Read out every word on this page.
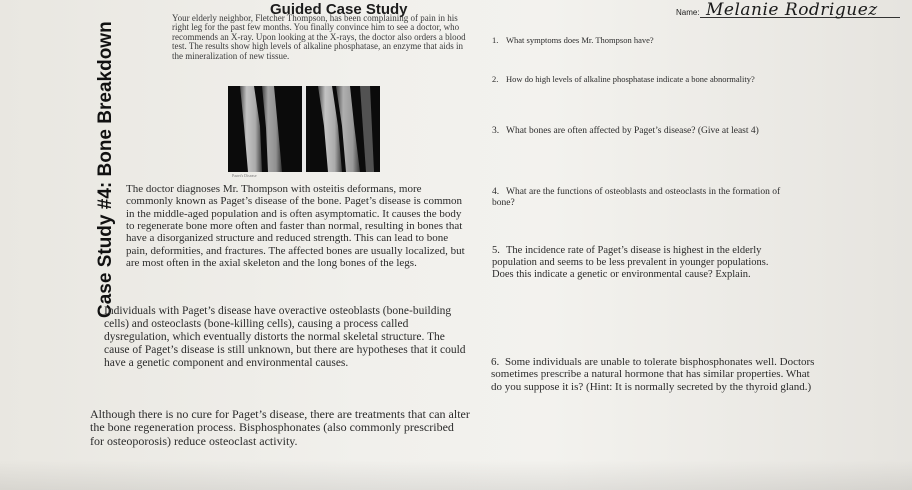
Guided Case Study	Name: Melanie Rodriguez
Case Study #4: Bone Breakdown

Your elderly neighbor, Fletcher Thompson, has been complaining of pain in his right leg for the past few months. You finally convince him to see a doctor, who recommends an X-ray. Upon looking at the X-rays, the doctor also orders a blood test. The results show high levels of alkaline phosphatase, an enzyme that aids in the mineralization of new tissue.

Paget's Disease

The doctor diagnoses Mr. Thompson with osteitis deformans, more commonly known as Paget’s disease of the bone. Paget’s disease is common in the middle-aged population and is often asymptomatic. It causes the body to regenerate bone more often and faster than normal, resulting in bones that have a disorganized structure and reduced strength. This can lead to bone pain, deformities, and fractures. The affected bones are usually localized, but are most often in the axial skeleton and the long bones of the legs.

Individuals with Paget’s disease have overactive osteoblasts (bone-building cells) and osteoclasts (bone-killing cells), causing a process called dysregulation, which eventually distorts the normal skeletal structure. The cause of Paget’s disease is still unknown, but there are hypotheses that it could have a genetic component and environmental causes.

Although there is no cure for Paget’s disease, there are treatments that can alter the bone regeneration process. Bisphosphonates (also commonly prescribed for osteoporosis) reduce osteoclast activity.

1. What symptoms does Mr. Thompson have?
2. How do high levels of alkaline phosphatase indicate a bone abnormality?
3. What bones are often affected by Paget’s disease? (Give at least 4)
4. What are the functions of osteoblasts and osteoclasts in the formation of bone?
5. The incidence rate of Paget’s disease is highest in the elderly population and seems to be less prevalent in younger populations. Does this indicate a genetic or environmental cause? Explain.
6. Some individuals are unable to tolerate bisphosphonates well. Doctors sometimes prescribe a natural hormone that has similar properties. What do you suppose it is? (Hint: It is normally secreted by the thyroid gland.)
